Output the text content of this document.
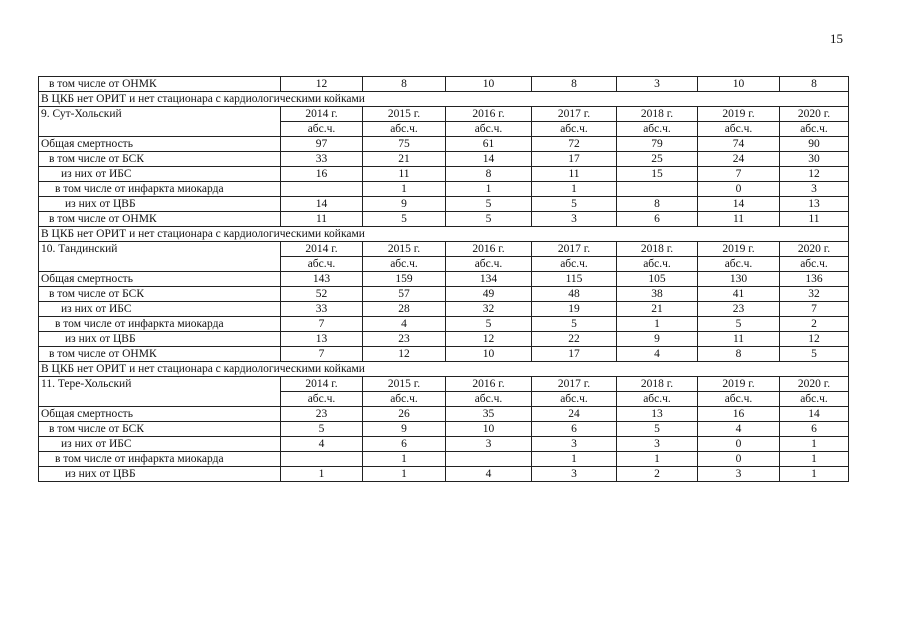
15
в том числе от ОНМК	12	8	10	8	3	10	8
В ЦКБ нет ОРИТ и нет стационара с кардиологическими койками							
9. Сут-Хольский	2014 г.	2015 г.	2016 г.	2017 г.	2018 г.	2019 г.	2020 г.
	абс.ч.	абс.ч.	абс.ч.	абс.ч.	абс.ч.	абс.ч.	абс.ч.
Общая смертность	97	75	61	72	79	74	90
в том числе от БСК	33	21	14	17	25	24	30
из них от ИБС	16	11	8	11	15	7	12
в том числе от инфаркта миокарда		1	1	1		0	3
из них от ЦВБ	14	9	5	5	8	14	13
в том числе от ОНМК	11	5	5	3	6	11	11
В ЦКБ нет ОРИТ и нет стационара с кардиологическими койками							
10. Тандинский	2014 г.	2015 г.	2016 г.	2017 г.	2018 г.	2019 г.	2020 г.
	абс.ч.	абс.ч.	абс.ч.	абс.ч.	абс.ч.	абс.ч.	абс.ч.
Общая смертность	143	159	134	115	105	130	136
в том числе от БСК	52	57	49	48	38	41	32
из них от ИБС	33	28	32	19	21	23	7
в том числе от инфаркта миокарда	7	4	5	5	1	5	2
из них от ЦВБ	13	23	12	22	9	11	12
в том числе от ОНМК	7	12	10	17	4	8	5
В ЦКБ нет ОРИТ и нет стационара с кардиологическими койками							
11. Тере-Хольский	2014 г.	2015 г.	2016 г.	2017 г.	2018 г.	2019 г.	2020 г.
	абс.ч.	абс.ч.	абс.ч.	абс.ч.	абс.ч.	абс.ч.	абс.ч.
Общая смертность	23	26	35	24	13	16	14
в том числе от БСК	5	9	10	6	5	4	6
из них от ИБС	4	6	3	3	3	0	1
в том числе от инфаркта миокарда		1		1	1	0	1
из них от ЦВБ	1	1	4	3	2	3	1
